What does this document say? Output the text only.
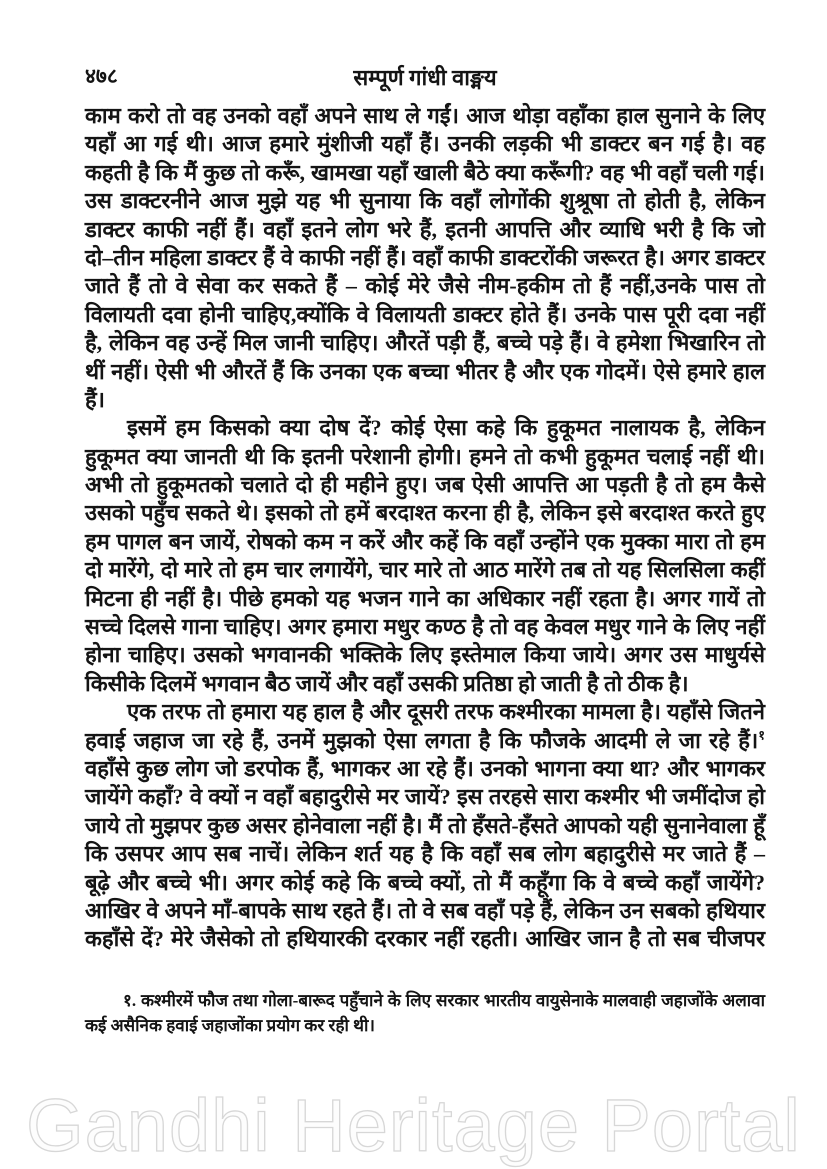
४७८	सम्पूर्ण गांधी वाङ्मय
काम करो तो वह उनको वहाँ अपने साथ ले गईं। आज थोड़ा वहाँका हाल सुनाने के लिए
यहाँ आ गई थी। आज हमारे मुंशीजी यहाँ हैं। उनकी लड़की भी डाक्टर बन गई है। वह
कहती है कि मैं कुछ तो करूँ, खामखा यहाँ खाली बैठे क्या करूँगी? वह भी वहाँ चली गई।
उस डाक्टरनीने आज मुझे यह भी सुनाया कि वहाँ लोगोंकी शुश्रूषा तो होती है, लेकिन
डाक्टर काफी नहीं हैं। वहाँ इतने लोग भरे हैं, इतनी आपत्ति और व्याधि भरी है कि जो
दो–तीन महिला डाक्टर हैं वे काफी नहीं हैं। वहाँ काफी डाक्टरोंकी जरूरत है। अगर डाक्टर
जाते हैं तो वे सेवा कर सकते हैं – कोई मेरे जैसे नीम-हकीम तो हैं नहीं,उनके पास तो
विलायती दवा होनी चाहिए,क्योंकि वे विलायती डाक्टर होते हैं। उनके पास पूरी दवा नहीं
है, लेकिन वह उन्हें मिल जानी चाहिए। औरतें पड़ी हैं, बच्चे पड़े हैं। वे हमेशा भिखारिन तो
थीं नहीं। ऐसी भी औरतें हैं कि उनका एक बच्चा भीतर है और एक गोदमें। ऐसे हमारे हाल
हैं।
इसमें हम किसको क्या दोष दें? कोई ऐसा कहे कि हुकूमत नालायक है, लेकिन
हुकूमत क्या जानती थी कि इतनी परेशानी होगी। हमने तो कभी हुकूमत चलाई नहीं थी।
अभी तो हुकूमतको चलाते दो ही महीने हुए। जब ऐसी आपत्ति आ पड़ती है तो हम कैसे
उसको पहुँच सकते थे। इसको तो हमें बरदाश्त करना ही है, लेकिन इसे बरदाश्त करते हुए
हम पागल बन जायें, रोषको कम न करें और कहें कि वहाँ उन्होंने एक मुक्का मारा तो हम
दो मारेंगे, दो मारे तो हम चार लगायेंगे, चार मारे तो आठ मारेंगे तब तो यह सिलसिला कहीं
मिटना ही नहीं है। पीछे हमको यह भजन गाने का अधिकार नहीं रहता है। अगर गायें तो
सच्चे दिलसे गाना चाहिए। अगर हमारा मधुर कण्ठ है तो वह केवल मधुर गाने के लिए नहीं
होना चाहिए। उसको भगवानकी भक्तिके लिए इस्तेमाल किया जाये। अगर उस माधुर्यसे
किसीके दिलमें भगवान बैठ जायें और वहाँ उसकी प्रतिष्ठा हो जाती है तो ठीक है।
एक तरफ तो हमारा यह हाल है और दूसरी तरफ कश्मीरका मामला है। यहाँसे जितने
हवाई जहाज जा रहे हैं, उनमें मुझको ऐसा लगता है कि फौजके आदमी ले जा रहे हैं।$^१$
वहाँसे कुछ लोग जो डरपोक हैं, भागकर आ रहे हैं। उनको भागना क्या था? और भागकर
जायेंगे कहाँ? वे क्यों न वहाँ बहादुरीसे मर जायें? इस तरहसे सारा कश्मीर भी जमींदोज हो
जाये तो मुझपर कुछ असर होनेवाला नहीं है। मैं तो हँसते-हँसते आपको यही सुनानेवाला हूँ
कि उसपर आप सब नाचें। लेकिन शर्त यह है कि वहाँ सब लोग बहादुरीसे मर जाते हैं –
बूढ़े और बच्चे भी। अगर कोई कहे कि बच्चे क्यों, तो मैं कहूँगा कि वे बच्चे कहाँ जायेंगे?
आखिर वे अपने माँ-बापके साथ रहते हैं। तो वे सब वहाँ पड़े हैं, लेकिन उन सबको हथियार
कहाँसे दें? मेरे जैसेको तो हथियारकी दरकार नहीं रहती। आखिर जान है तो सब चीजपर
१. कश्मीरमें फौज तथा गोला-बारूद पहुँचाने के लिए सरकार भारतीय वायुसेनाके मालवाही जहाजोंके अलावा
कई असैनिक हवाई जहाजोंका प्रयोग कर रही थी।
Gandhi Heritage Portal
